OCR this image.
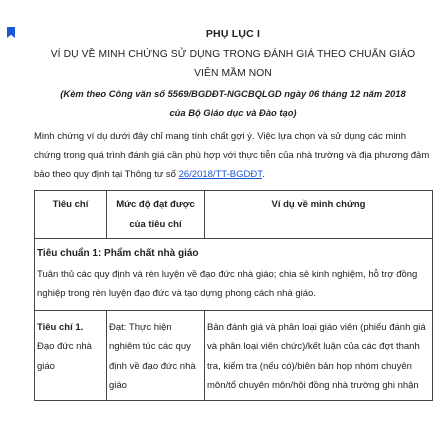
PHỤ LỤC I
VÍ DỤ VỀ MINH CHỨNG SỬ DỤNG TRONG ĐÁNH GIÁ THEO CHUẨN GIÁO
VIÊN MẦM NON
(Kèm theo Công văn số 5569/BGDĐT-NGCBQLGD ngày 06 tháng 12 năm 2018
của Bộ Giáo dục và Đào tạo)
Minh chứng ví dụ dưới đây chỉ mang tính chất gợi ý. Việc lựa chọn và sử dụng các minh chứng trong quá trình đánh giá cần phù hợp với thực tiễn của nhà trường và địa phương đảm bảo theo quy định tại Thông tư số 26/2018/TT-BGDĐT.
Tiêu chí	Mức độ đạt được của tiêu chí	Ví dụ về minh chứng

Tiêu chuẩn 1: Phẩm chất nhà giáo
Tuân thủ các quy định và rèn luyện về đạo đức nhà giáo; chia sẻ kinh nghiệm, hỗ trợ đồng nghiệp trong rèn luyện đạo đức và tạo dựng phong cách nhà giáo.		

Tiêu chí 1.
Đạo đức nhà giáo	Đạt: Thực hiện nghiêm túc các quy định về đạo đức nhà giáo	Bản đánh giá và phân loại giáo viên (phiếu đánh giá và phân loại viên chức)/kết luận của các đợt thanh tra, kiểm tra (nếu có)/biên bản họp nhóm chuyên môn/tổ chuyên môn/hội đồng nhà trường ghi nhận
